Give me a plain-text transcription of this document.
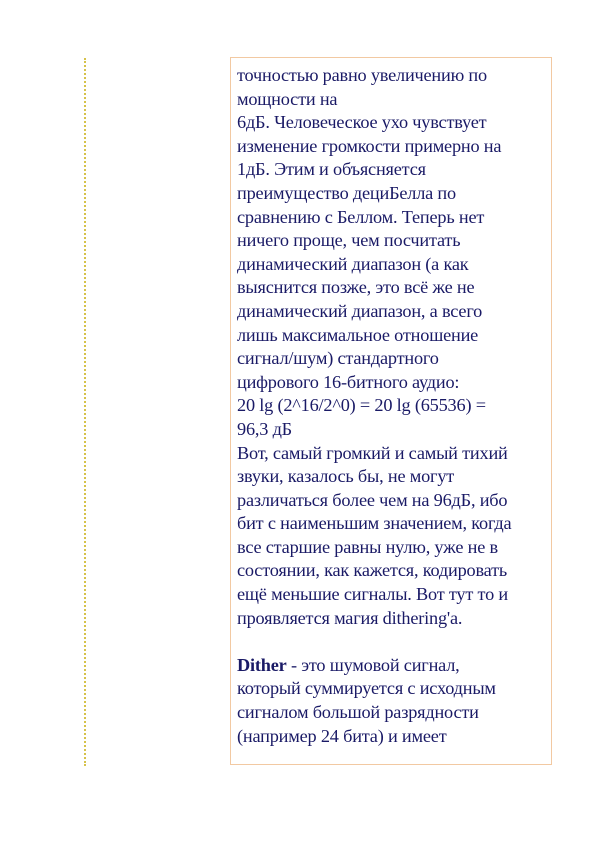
точностью равно увеличению по
мощности на
6дБ. Человеческое ухо чувствует
изменение громкости примерно на
1дБ. Этим и объясняется
преимущество дециБелла по
сравнению с Беллом. Теперь нет
ничего проще, чем посчитать
динамический диапазон (а как
выяснится позже, это всё же не
динамический диапазон, а всего
лишь максимальное отношение
сигнал/шум) стандартного
цифрового 16-битного аудио:
20 lg (2^16/2^0) = 20 lg (65536) =
96,3 дБ
Вот, самый громкий и самый тихий
звуки, казалось бы, не могут
различаться более чем на 96дБ, ибо
бит с наименьшим значением, когда
все старшие равны нулю, уже не в
состоянии, как кажется, кодировать
ещё меньшие сигналы. Вот тут то и
проявляется магия dithering'a.
Dither - это шумовой сигнал,
который суммируется с исходным
сигналом большой разрядности
(например 24 бита) и имеет
